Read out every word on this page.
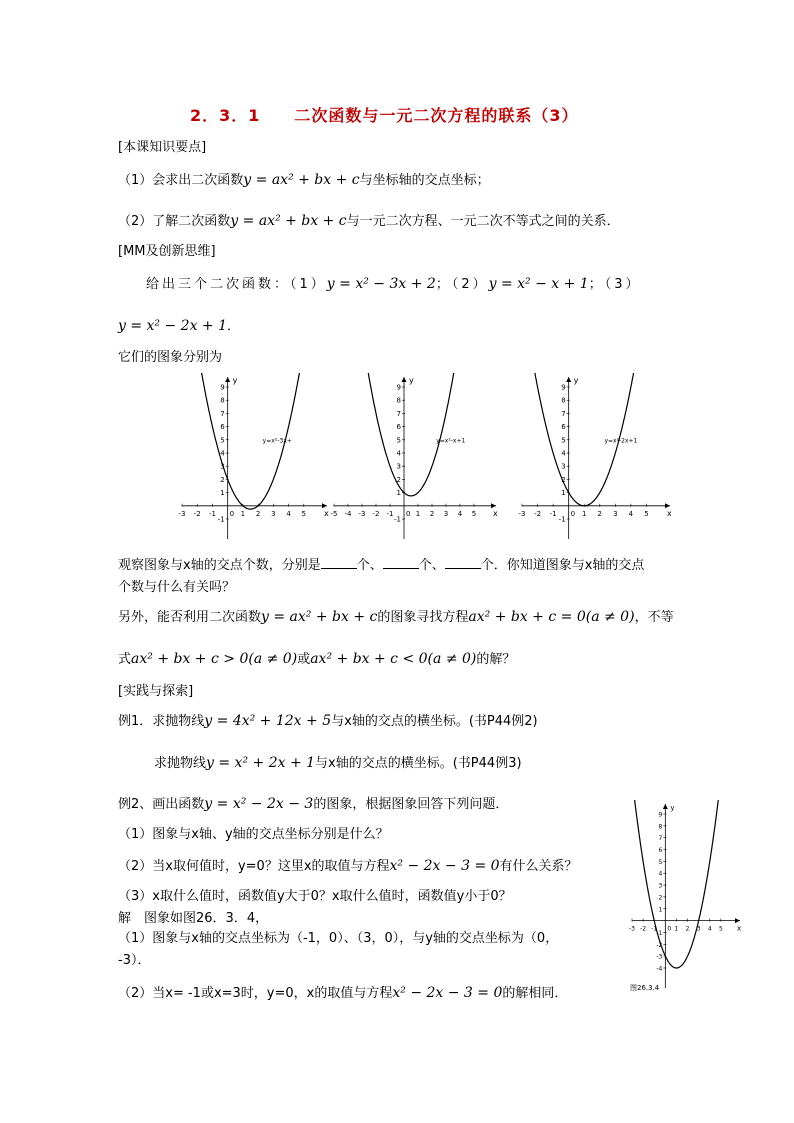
2．3．1　　二次函数与一元二次方程的联系（3）
[本课知识要点]
（1）会求出二次函数y = ax² + bx + c与坐标轴的交点坐标；
（2）了解二次函数y = ax² + bx + c与一元二次方程、一元二次不等式之间的关系．
[MM及创新思维]
给出三个二次函数：（1）y = x² − 3x + 2；（2）y = x² − x + 1；（3）
y = x² − 2x + 1．
它们的图象分别为
x
y
0
-3 -2 -1	1 2 3 4 5
-1
1
2
3
4
5
6
7
8
9
y=x²-3x+
x
y
0
-5 -4 -3 -2 -1	1 2 3 4 5
-1
1
2
3
4
5
6
7
8
9
y=x²-x+1
x
y
0
-3 -2 -1	1 2 3 4 5
-1
1
2
3
4
5
6
7
8
9
y=x²-2x+1
观察图象与x轴的交点个数，分别是	个、	个、	个．你知道图象与x轴的交点
个数与什么有关吗？
另外，能否利用二次函数y = ax² + bx + c的图象寻找方程ax² + bx + c = 0(a ≠ 0)，不等
式ax² + bx + c > 0(a ≠ 0)或ax² + bx + c < 0(a ≠ 0)的解？
[实践与探索]
例1．求抛物线y = 4x² + 12x + 5与x轴的交点的横坐标。(书P44例2)
求抛物线y = x² + 2x + 1与x轴的交点的横坐标。(书P44例3)
例2、画出函数y = x² − 2x − 3的图象，根据图象回答下列问题．
（1）图象与x轴、y轴的交点坐标分别是什么？
（2）当x取何值时，y=0？这里x的取值与方程x² − 2x − 3 = 0有什么关系？
（3）x取什么值时，函数值y大于0？x取什么值时，函数值y小于0？
解　图象如图26．3．4，
（1）图象与x轴的交点坐标为（-1，0）、（3，0），与y轴的交点坐标为（0，
-3）．
（2）当x= -1或x=3时，y=0，x的取值与方程x² − 2x − 3 = 0的解相同．
x
y
0
-3 -2 -1	1 2 3 4 5
-4
-3
-2
-1
1
2
3
4
5
6
7
8
9
图26.3.4
